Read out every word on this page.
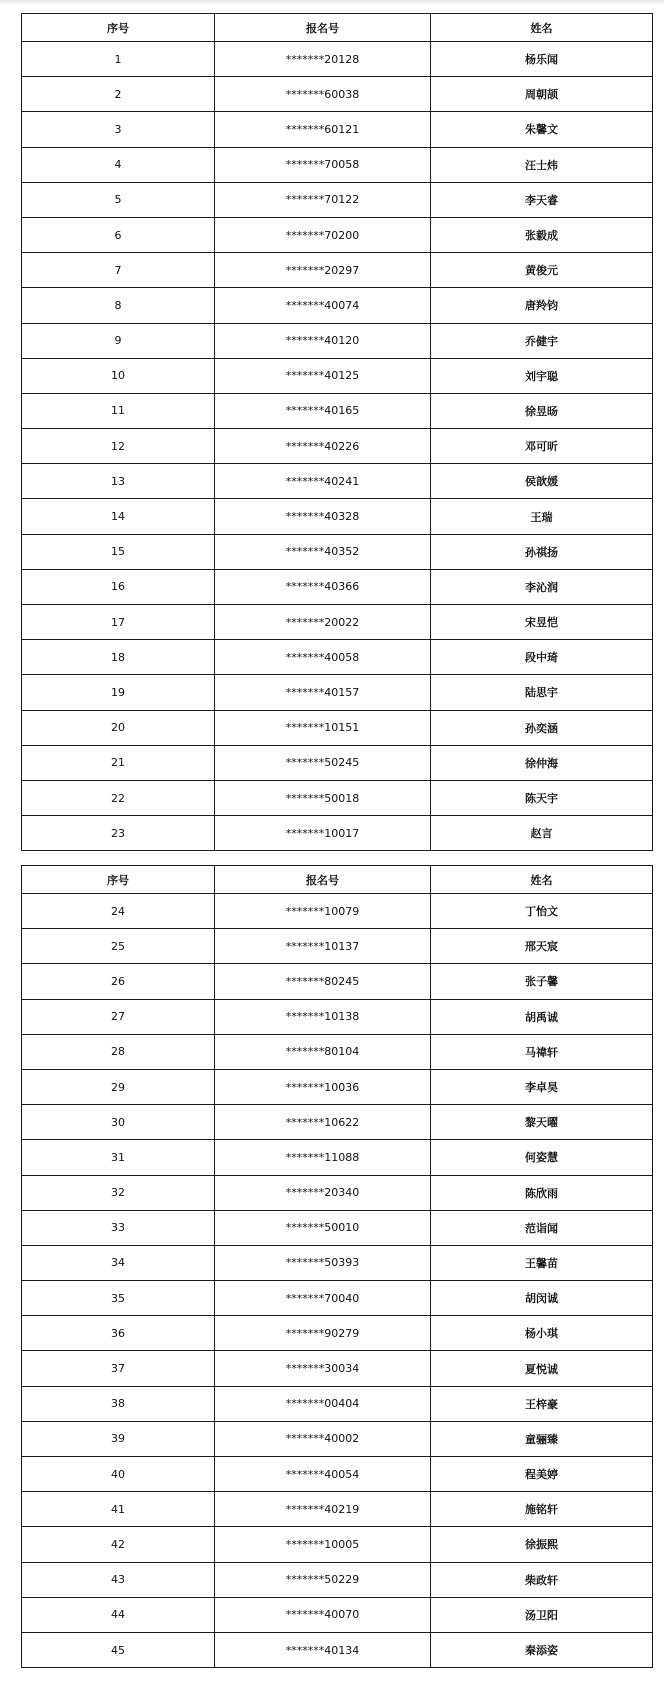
序号	报名号	姓名
1	*******20128	杨乐闻
2	*******60038	周朝颉
3	*******60121	朱馨文
4	*******70058	汪士炜
5	*******70122	李天睿
6	*******70200	张毅成
7	*******20297	黄俊元
8	*******40074	唐羚钧
9	*******40120	乔健宇
10	*******40125	刘宇聪
11	*******40165	徐昱旸
12	*******40226	邓可昕
13	*******40241	侯歆媛
14	*******40328	王瑞
15	*******40352	孙祺扬
16	*******40366	李沁润
17	*******20022	宋昱恺
18	*******40058	段中琦
19	*******40157	陆思宇
20	*******10151	孙奕涵
21	*******50245	徐仲海
22	*******50018	陈天宇
23	*******10017	赵言
序号	报名号	姓名
24	*******10079	丁怡文
25	*******10137	邢天宸
26	*******80245	张子馨
27	*******10138	胡禹诚
28	*******80104	马禕轩
29	*******10036	李卓昊
30	*******10622	黎天曜
31	*******11088	何姿慧
32	*******20340	陈欣雨
33	*******50010	范诣闻
34	*******50393	王馨苗
35	*******70040	胡闵诚
36	*******90279	杨小琪
37	*******30034	夏悦诚
38	*******00404	王梓豪
39	*******40002	童骊臻
40	*******40054	程美婷
41	*******40219	施铭轩
42	*******10005	徐振熙
43	*******50229	柴政轩
44	*******40070	汤卫阳
45	*******40134	秦添姿
